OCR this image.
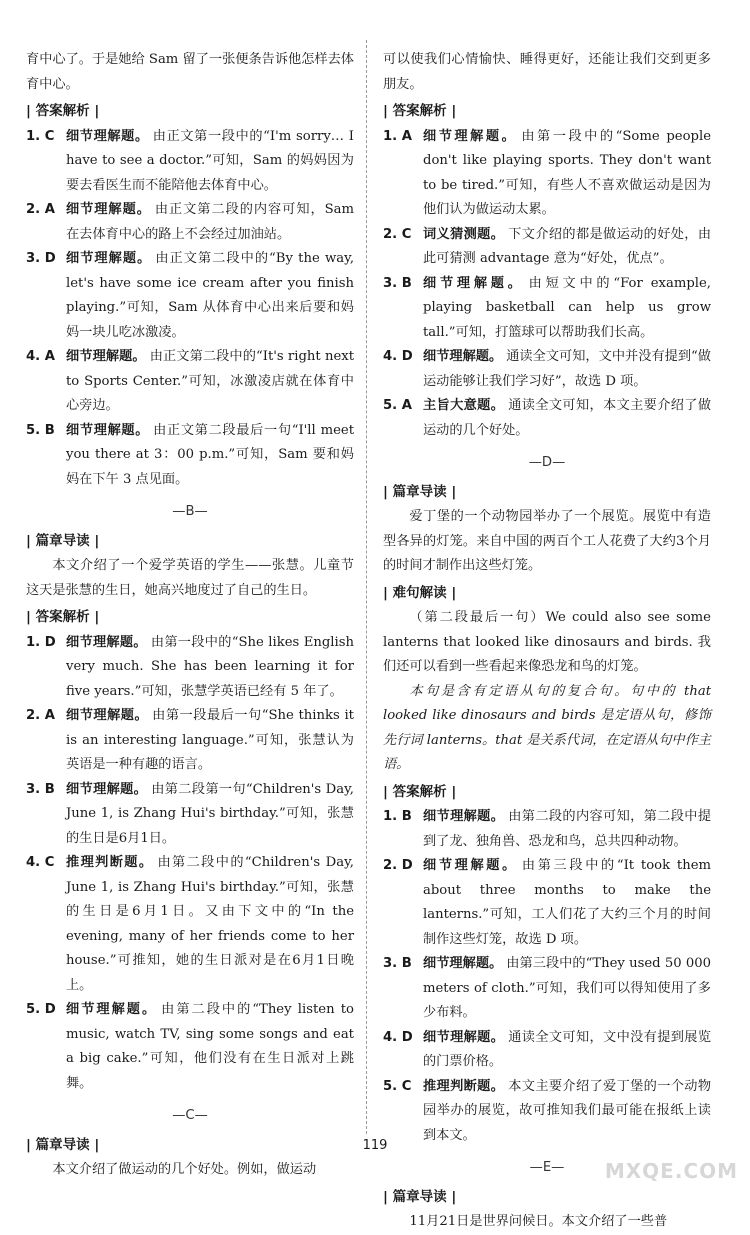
育中心了。于是她给 Sam 留了一张便条告诉他怎样去体育中心。

| 答案解析 |
1. C 细节理解题。 由正文第一段中的“I'm sorry… I have to see a doctor.”可知，Sam 的妈妈因为要去看医生而不能陪他去体育中心。
2. A 细节理解题。 由正文第二段的内容可知，Sam 在去体育中心的路上不会经过加油站。
3. D 细节理解题。 由正文第二段中的“By the way, let's have some ice cream after you finish playing.”可知，Sam 从体育中心出来后要和妈妈一块儿吃冰激凌。
4. A 细节理解题。 由正文第二段中的“It's right next to Sports Center.”可知，冰激凌店就在体育中心旁边。
5. B 细节理解题。 由正文第二段最后一句“I'll meet you there at 3：00 p.m.”可知，Sam 要和妈妈在下午 3 点见面。
—B—
| 篇章导读 |

本文介绍了一个爱学英语的学生——张慧。儿童节这天是张慧的生日，她高兴地度过了自己的生日。

| 答案解析 |
1. D 细节理解题。 由第一段中的“She likes English very much. She has been learning it for five years.”可知，张慧学英语已经有 5 年了。
2. A 细节理解题。 由第一段最后一句“She thinks it is an interesting language.”可知，张慧认为英语是一种有趣的语言。
3. B 细节理解题。 由第二段第一句“Children's Day, June 1, is Zhang Hui's birthday.”可知，张慧的生日是6月1日。
4. C 推理判断题。 由第二段中的“Children's Day, June 1, is Zhang Hui's birthday.”可知，张慧的生日是6月1日。又由下文中的“In the evening, many of her friends come to her house.”可推知，她的生日派对是在6月1日晚上。
5. D 细节理解题。 由第二段中的“They listen to music, watch TV, sing some songs and eat a big cake.”可知，他们没有在生日派对上跳舞。
—C—
| 篇章导读 |

本文介绍了做运动的几个好处。例如，做运动

可以使我们心情愉快、睡得更好，还能让我们交到更多朋友。

| 答案解析 |
1. A 细节理解题。 由第一段中的“Some people don't like playing sports. They don't want to be tired.”可知，有些人不喜欢做运动是因为他们认为做运动太累。
2. C 词义猜测题。 下文介绍的都是做运动的好处，由此可猜测 advantage 意为“好处，优点”。
3. B 细节理解题。 由短文中的“For example, playing basketball can help us grow tall.”可知，打篮球可以帮助我们长高。
4. D 细节理解题。 通读全文可知，文中并没有提到“做运动能够让我们学习好”，故选 D 项。
5. A 主旨大意题。 通读全文可知，本文主要介绍了做运动的几个好处。
—D—
| 篇章导读 |

爱丁堡的一个动物园举办了一个展览。展览中有造型各异的灯笼。来自中国的两百个工人花费了大约3个月的时间才制作出这些灯笼。

| 难句解读 |

（第二段最后一句）We could also see some lanterns that looked like dinosaurs and birds. 我们还可以看到一些看起来像恐龙和鸟的灯笼。

本句是含有定语从句的复合句。句中的 that looked like dinosaurs and birds 是定语从句，修饰先行词 lanterns。that 是关系代词，在定语从句中作主语。

| 答案解析 |
1. B 细节理解题。 由第二段的内容可知，第二段中提到了龙、独角兽、恐龙和鸟，总共四种动物。
2. D 细节理解题。 由第三段中的“It took them about three months to make the lanterns.”可知，工人们花了大约三个月的时间制作这些灯笼，故选 D 项。
3. B 细节理解题。 由第三段中的“They used 50 000 meters of cloth.”可知，我们可以得知使用了多少布料。
4. D 细节理解题。 通读全文可知，文中没有提到展览的门票价格。
5. C 推理判断题。 本文主要介绍了爱丁堡的一个动物园举办的展览，故可推知我们最可能在报纸上读到本文。
—E—
| 篇章导读 |

11月21日是世界问候日。本文介绍了一些普

119
MXQE.COM
